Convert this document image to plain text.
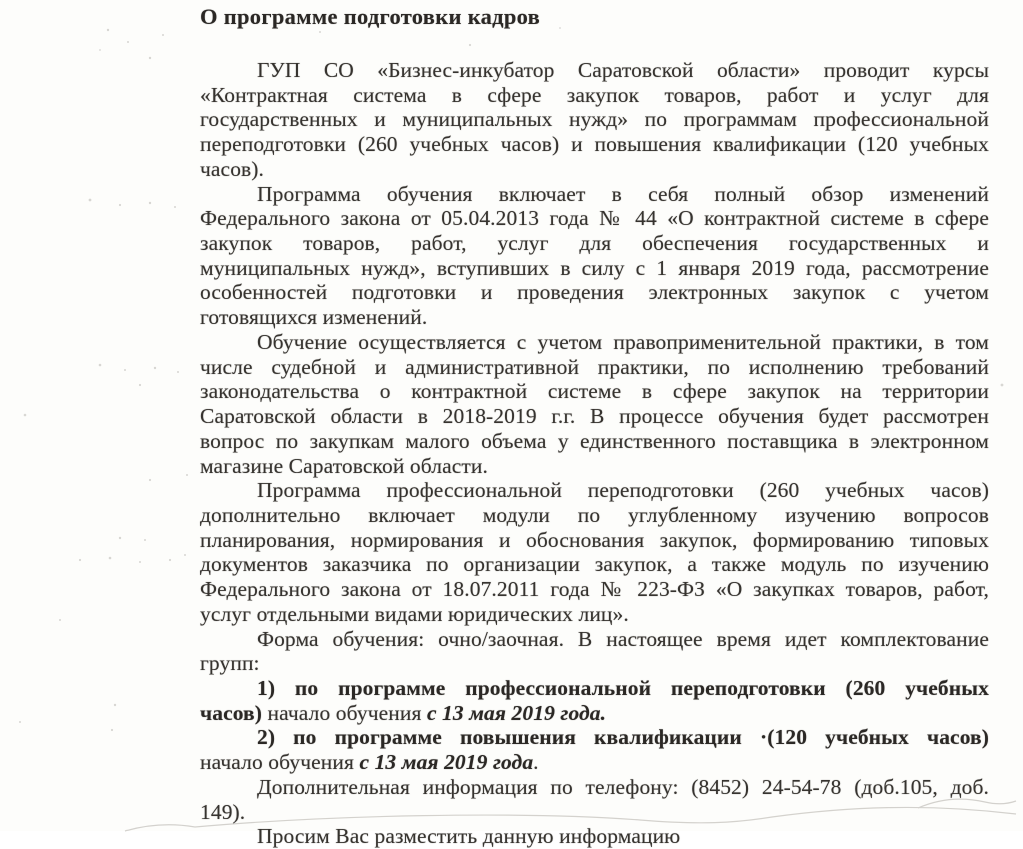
О программе подготовки кадров
ГУП СО «Бизнес-инкубатор Саратовской области» проводит курсы
«Контрактная система в сфере закупок товаров, работ и услуг для
государственных и муниципальных нужд» по программам профессиональной
переподготовки (260 учебных часов) и повышения квалификации (120 учебных
часов).
Программа обучения включает в себя полный обзор изменений
Федерального закона от 05.04.2013 года № 44 «О контрактной системе в сфере
закупок товаров, работ, услуг для обеспечения государственных и
муниципальных нужд», вступивших в силу с 1 января 2019 года, рассмотрение
особенностей подготовки и проведения электронных закупок с учетом
готовящихся изменений.
Обучение осуществляется с учетом правоприменительной практики, в том
числе судебной и административной практики, по исполнению требований
законодательства о контрактной системе в сфере закупок на территории
Саратовской области в 2018-2019 г.г. В процессе обучения будет рассмотрен
вопрос по закупкам малого объема у единственного поставщика в электронном
магазине Саратовской области.
Программа профессиональной переподготовки (260 учебных часов)
дополнительно включает модули по углубленному изучению вопросов
планирования, нормирования и обоснования закупок, формированию типовых
документов заказчика по организации закупок, а также модуль по изучению
Федерального закона от 18.07.2011 года № 223-ФЗ «О закупках товаров, работ,
услуг отдельными видами юридических лиц».
Форма обучения: очно/заочная. В настоящее время идет комплектование
групп:
1) по программе профессиональной переподготовки (260 учебных
часов) начало обучения с 13 мая 2019 года.
2) по программе повышения квалификации ·(120 учебных часов)
начало обучения с 13 мая 2019 года.
Дополнительная информация по телефону: (8452) 24-54-78 (доб.105, доб.
149).
Просим Вас разместить данную информацию
